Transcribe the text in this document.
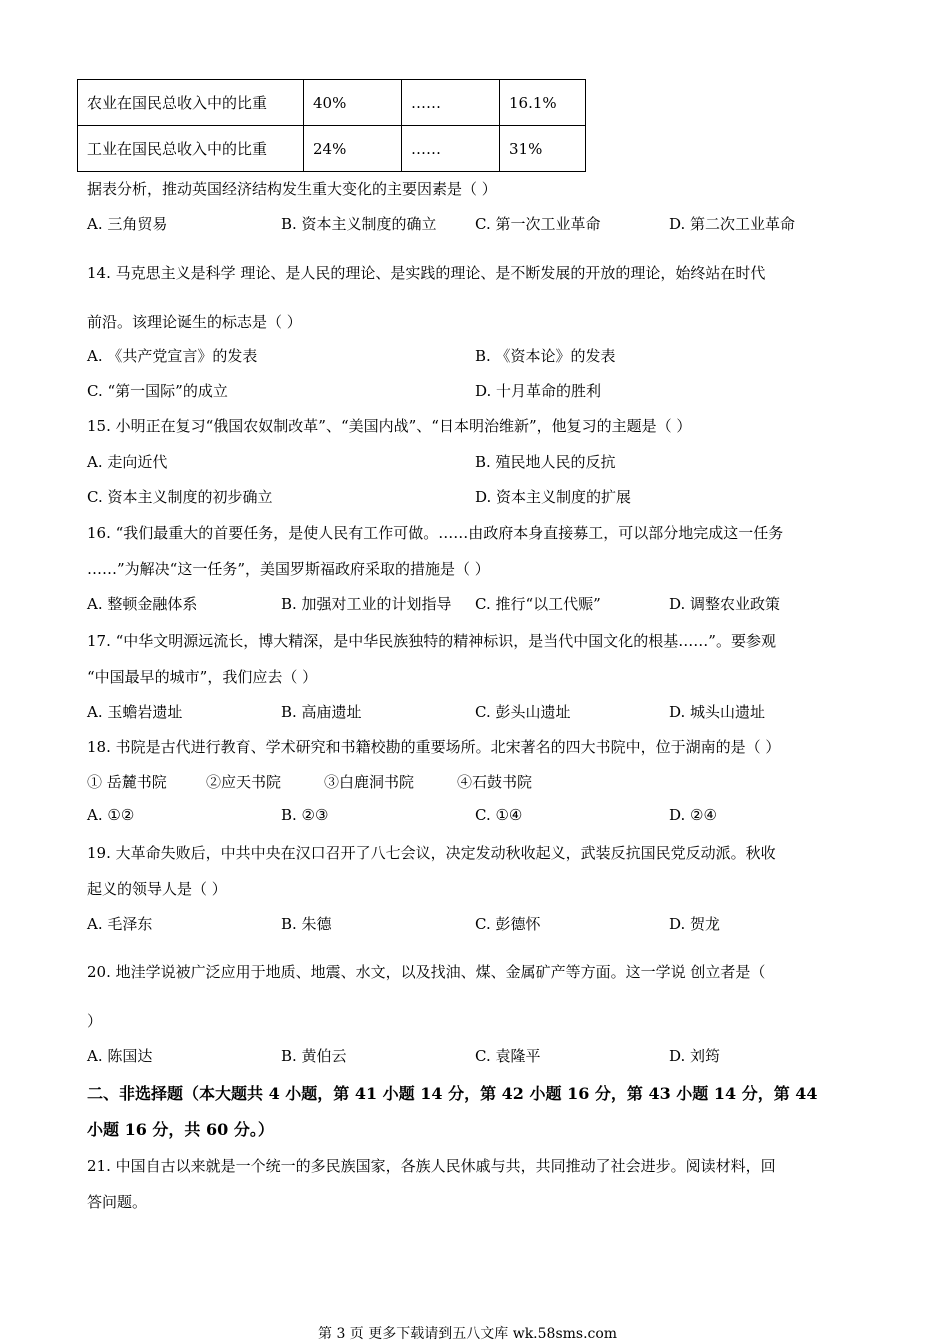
农业在国民总收入中的比重	40%	……	16.1%
工业在国民总收入中的比重	24%	……	31%
据表分析，推动英国经济结构发生重大变化的主要因素是（ ）
A. 三角贸易	B. 资本主义制度的确立	C. 第一次工业革命	D. 第二次工业革命
14. 马克思主义是科学 理论、是人民的理论、是实践的理论、是不断发展的开放的理论，始终站在时代
前沿。该理论诞生的标志是（ ）
A. 《共产党宣言》的发表	B. 《资本论》的发表
C. “第一国际”的成立	D. 十月革命的胜利
15. 小明正在复习“俄国农奴制改革”、“美国内战”、“日本明治维新”，他复习的主题是（ ）
A. 走向近代	B. 殖民地人民的反抗
C. 资本主义制度的初步确立	D. 资本主义制度的扩展
16. “我们最重大的首要任务，是使人民有工作可做。……由政府本身直接募工，可以部分地完成这一任务
……”为解决“这一任务”，美国罗斯福政府采取的措施是（ ）
A. 整顿金融体系	B. 加强对工业的计划指导 C. 推行“以工代赈”	D. 调整农业政策
17. “中华文明源远流长，博大精深，是中华民族独特的精神标识，是当代中国文化的根基……”。要参观
“中国最早的城市”，我们应去（ ）
A. 玉蟾岩遗址	B. 高庙遗址	C. 彭头山遗址	D. 城头山遗址
18. 书院是古代进行教育、学术研究和书籍校勘的重要场所。北宋著名的四大书院中，位于湖南的是（ ）
① 岳麓书院	②应天书院	③白鹿洞书院	④石鼓书院
A. ①②	B. ②③	C. ①④	D. ②④
19. 大革命失败后，中共中央在汉口召开了八七会议，决定发动秋收起义，武装反抗国民党反动派。秋收
起义的领导人是（ ）
A. 毛泽东	B. 朱德	C. 彭德怀	D. 贺龙
20. 地洼学说被广泛应用于地质、地震、水文，以及找油、煤、金属矿产等方面。这一学说 创立者是（
）
A. 陈国达	B. 黄伯云	C. 袁隆平	D. 刘筠
二、非选择题（本大题共 4 小题，第 41 小题 14 分，第 42 小题 16 分，第 43 小题 14 分，第 44
小题 16 分，共 60 分。）
21. 中国自古以来就是一个统一的多民族国家，各族人民休戚与共，共同推动了社会进步。阅读材料，回
答问题。
第 3 页 更多下载请到五八文库 wk.58sms.com
